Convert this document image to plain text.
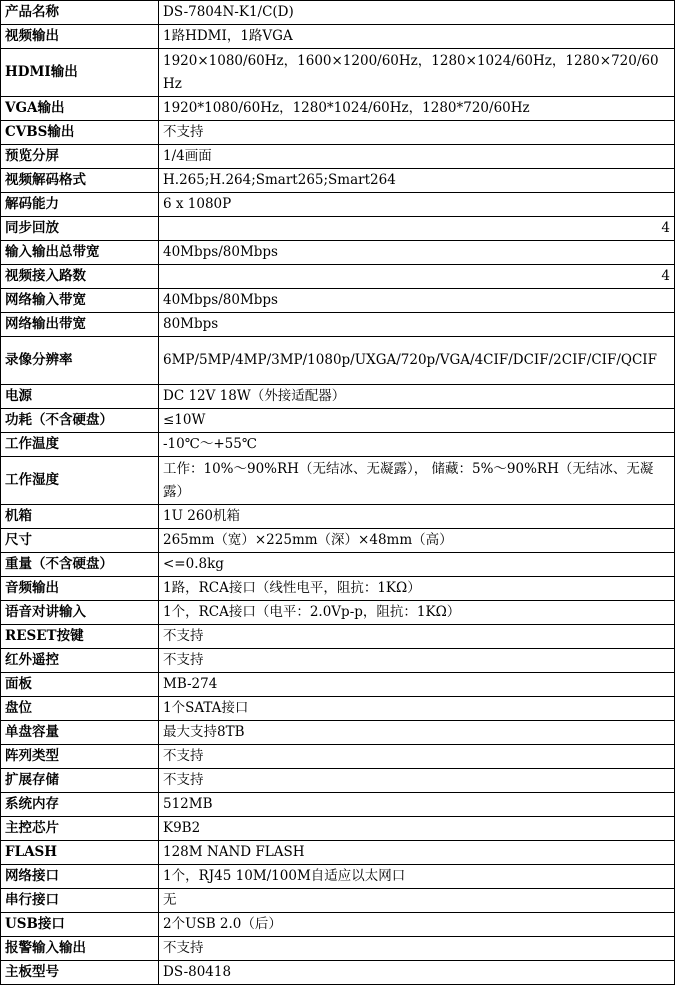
产品名称	DS-7804N-K1/C(D)
视频输出	1路HDMI，1路VGA
HDMI输出	1920×1080/60Hz，1600×1200/60Hz，1280×1024/60Hz，1280×720/60Hz
VGA输出	1920*1080/60Hz，1280*1024/60Hz，1280*720/60Hz
CVBS输出	不支持
预览分屏	1/4画面
视频解码格式	H.265;H.264;Smart265;Smart264
解码能力	6 x 1080P
同步回放	4
输入输出总带宽	40Mbps/80Mbps
视频接入路数	4
网络输入带宽	40Mbps/80Mbps
网络输出带宽	80Mbps
录像分辨率	6MP/5MP/4MP/3MP/1080p/UXGA/720p/VGA/4CIF/DCIF/2CIF/CIF/QCIF
电源	DC 12V 18W（外接适配器）
功耗（不含硬盘）	≤10W
工作温度	-10℃～+55℃
工作湿度	工作：10%～90%RH（无结冰、无凝露）， 储藏：5%～90%RH（无结冰、无凝露）
机箱	1U 260机箱
尺寸	265mm（宽）×225mm（深）×48mm（高）
重量（不含硬盘）	<=0.8kg
音频输出	1路，RCA接口（线性电平，阻抗：1KΩ）
语音对讲输入	1个，RCA接口（电平：2.0Vp-p，阻抗：1KΩ）
RESET按键	不支持
红外遥控	不支持
面板	MB-274
盘位	1个SATA接口
单盘容量	最大支持8TB
阵列类型	不支持
扩展存储	不支持
系统内存	512MB
主控芯片	K9B2
FLASH	128M NAND FLASH
网络接口	1个，RJ45 10M/100M自适应以太网口
串行接口	无
USB接口	2个USB 2.0（后）
报警输入输出	不支持
主板型号	DS-80418
